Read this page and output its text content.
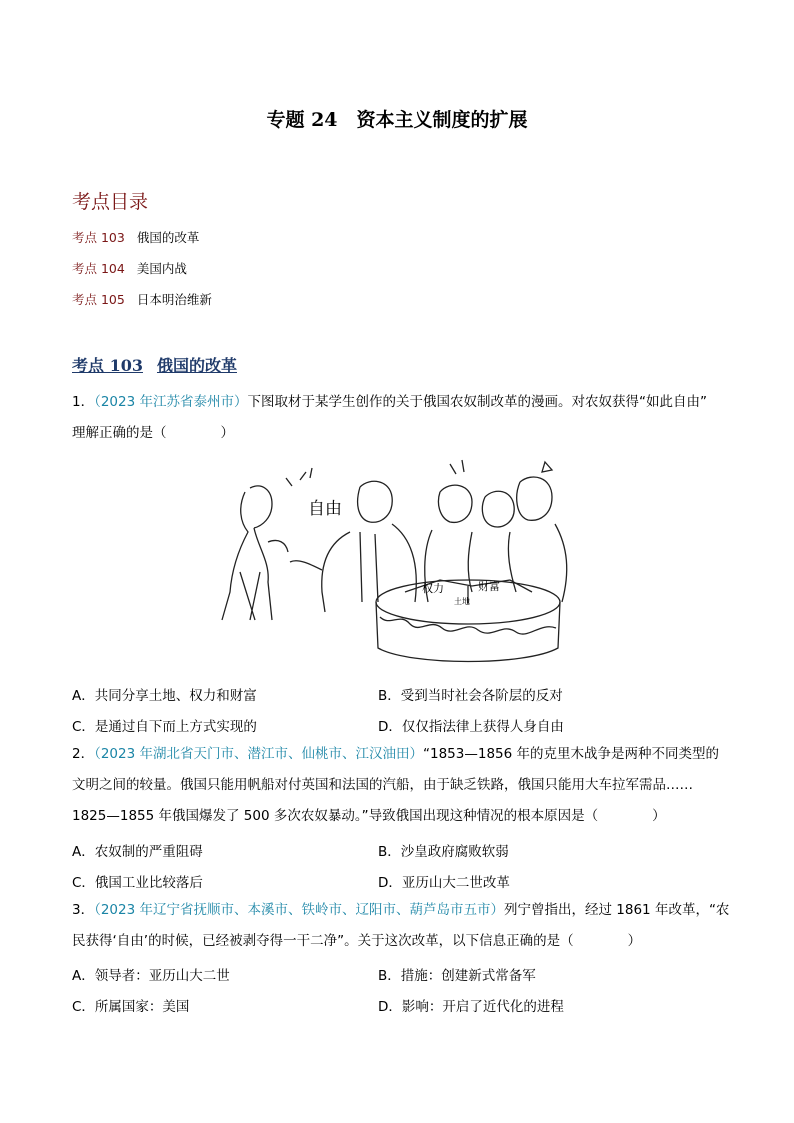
专题 24　资本主义制度的扩展
考点目录
考点 103 俄国的改革
考点 104 美国内战
考点 105 日本明治维新
考点 103 俄国的改革
1．（2023 年江苏省泰州市）下图取材于某学生创作的关于俄国农奴制改革的漫画。对农奴获得“如此自由”
理解正确的是（　　　　）
自由
权力	财富
土地
A．共同分享土地、权力和财富	B．受到当时社会各阶层的反对
C．是通过自下而上方式实现的	D．仅仅指法律上获得人身自由
2．（2023 年湖北省天门市、潜江市、仙桃市、江汉油田）“1853—1856 年的克里木战争是两种不同类型的
文明之间的较量。俄国只能用帆船对付英国和法国的汽船，由于缺乏铁路，俄国只能用大车拉军需品……
1825—1855 年俄国爆发了 500 多次农奴暴动。”导致俄国出现这种情况的根本原因是（　　　　）
A．农奴制的严重阻碍	B．沙皇政府腐败软弱
C．俄国工业比较落后	D．亚历山大二世改革
3．（2023 年辽宁省抚顺市、本溪市、铁岭市、辽阳市、葫芦岛市五市）列宁曾指出，经过 1861 年改革，“农
民获得‘自由’的时候，已经被剥夺得一干二净”。关于这次改革，以下信息正确的是（　　　　）
A．领导者：亚历山大二世	B．措施：创建新式常备军
C．所属国家：美国	D．影响：开启了近代化的进程
